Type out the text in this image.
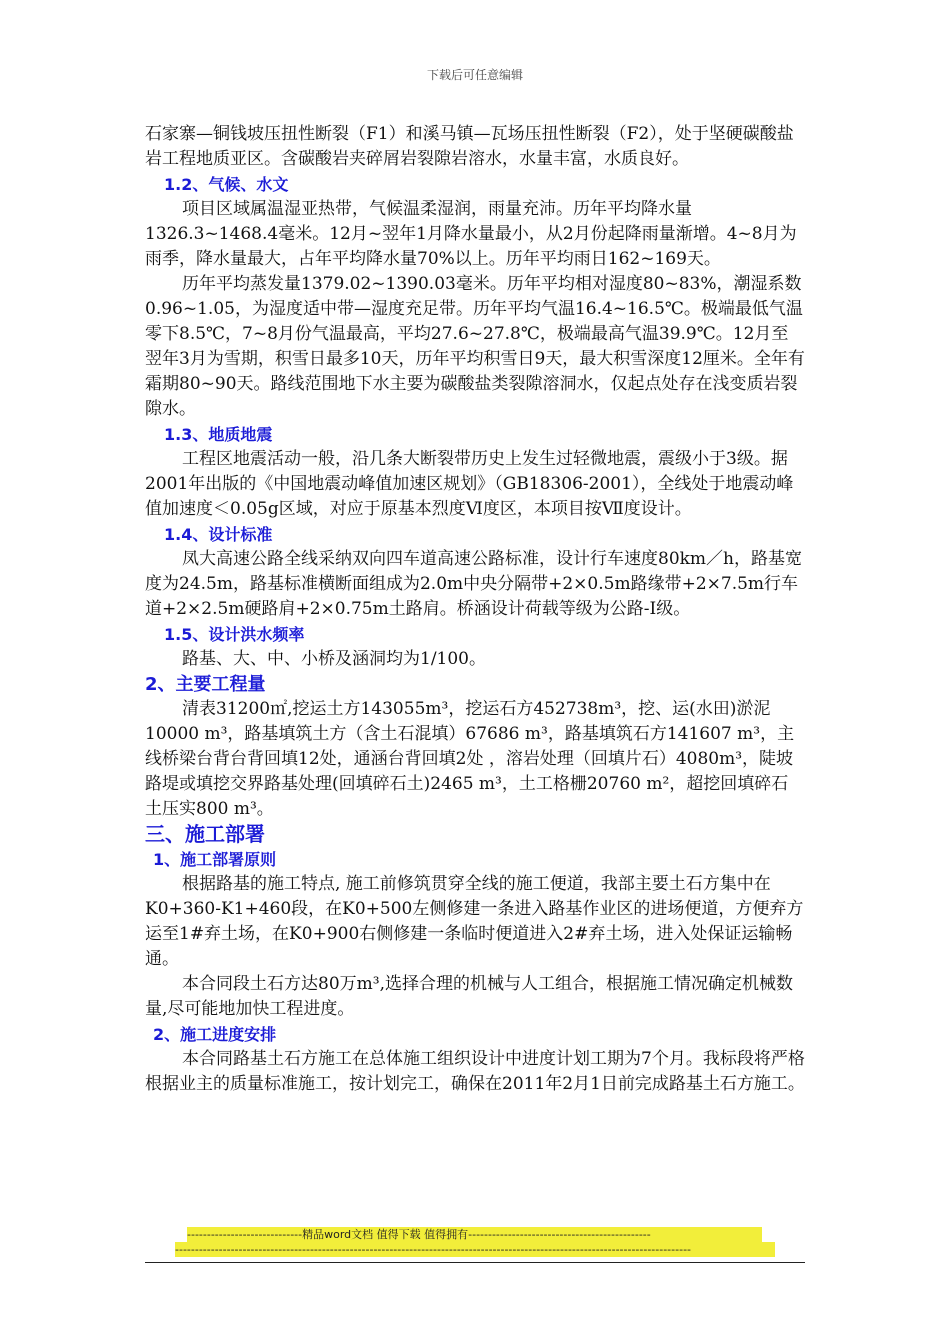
下载后可任意编辑

石家寨—铜钱坡压扭性断裂（F1）和溪马镇—瓦场压扭性断裂（F2），处于坚硬碳酸盐岩工程地质亚区。含碳酸岩夹碎屑岩裂隙岩溶水，水量丰富，水质良好。

1.2、气候、水文

项目区域属温湿亚热带，气候温柔湿润，雨量充沛。历年平均降水量1326.3~1468.4毫米。12月~翌年1月降水量最小，从2月份起降雨量渐增。4~8月为雨季，降水量最大，占年平均降水量70%以上。历年平均雨日162~169天。

历年平均蒸发量1379.02~1390.03毫米。历年平均相对湿度80~83%，潮湿系数0.96~1.05，为湿度适中带—湿度充足带。历年平均气温16.4~16.5℃。极端最低气温零下8.5℃，7~8月份气温最高，平均27.6~27.8℃，极端最高气温39.9℃。12月至翌年3月为雪期，积雪日最多10天，历年平均积雪日9天，最大积雪深度12厘米。全年有霜期80~90天。路线范围地下水主要为碳酸盐类裂隙溶洞水，仅起点处存在浅变质岩裂隙水。

1.3、地质地震

工程区地震活动一般，沿几条大断裂带历史上发生过轻微地震，震级小于3级。据2001年出版的《中国地震动峰值加速区规划》（GB18306-2001），全线处于地震动峰值加速度＜0.05g区域，对应于原基本烈度Ⅵ度区，本项目按Ⅶ度设计。

1.4、设计标准

凤大高速公路全线采纳双向四车道高速公路标准，设计行车速度80km／h，路基宽度为24.5m，路基标准横断面组成为2.0m中央分隔带+2×0.5m路缘带+2×7.5m行车道+2×2.5m硬路肩+2×0.75m土路肩。桥涵设计荷载等级为公路-Ⅰ级。

1.5、设计洪水频率

路基、大、中、小桥及涵洞均为1/100。

2、主要工程量

清表31200㎡,挖运土方143055m³，挖运石方452738m³，挖、运(水田)淤泥10000 m³，路基填筑土方（含土石混填）67686 m³，路基填筑石方141607 m³，主线桥梁台背台背回填12处，通涵台背回填2处 ，溶岩处理（回填片石）4080m³，陡坡路堤或填挖交界路基处理(回填碎石土)2465 m³，土工格栅20760 m²，超挖回填碎石土压实800 m³。

三、施工部署

1、施工部署原则

根据路基的施工特点, 施工前修筑贯穿全线的施工便道，我部主要土石方集中在K0+360-K1+460段，在K0+500左侧修建一条进入路基作业区的进场便道，方便弃方运至1#弃土场，在K0+900右侧修建一条临时便道进入2#弃土场，进入处保证运输畅通。

本合同段土石方达80万m³,选择合理的机械与人工组合，根据施工情况确定机械数量,尽可能地加快工程进度。

2、施工进度安排

本合同路基土石方施工在总体施工组织设计中进度计划工期为7个月。我标段将严格根据业主的质量标准施工，按计划完工，确保在2011年2月1日前完成路基土石方施工。

-----------------------------精品word文档 值得下载 值得拥有----------------------------------------------
----------------------------------------------------------------------------------------------------------------------------------
